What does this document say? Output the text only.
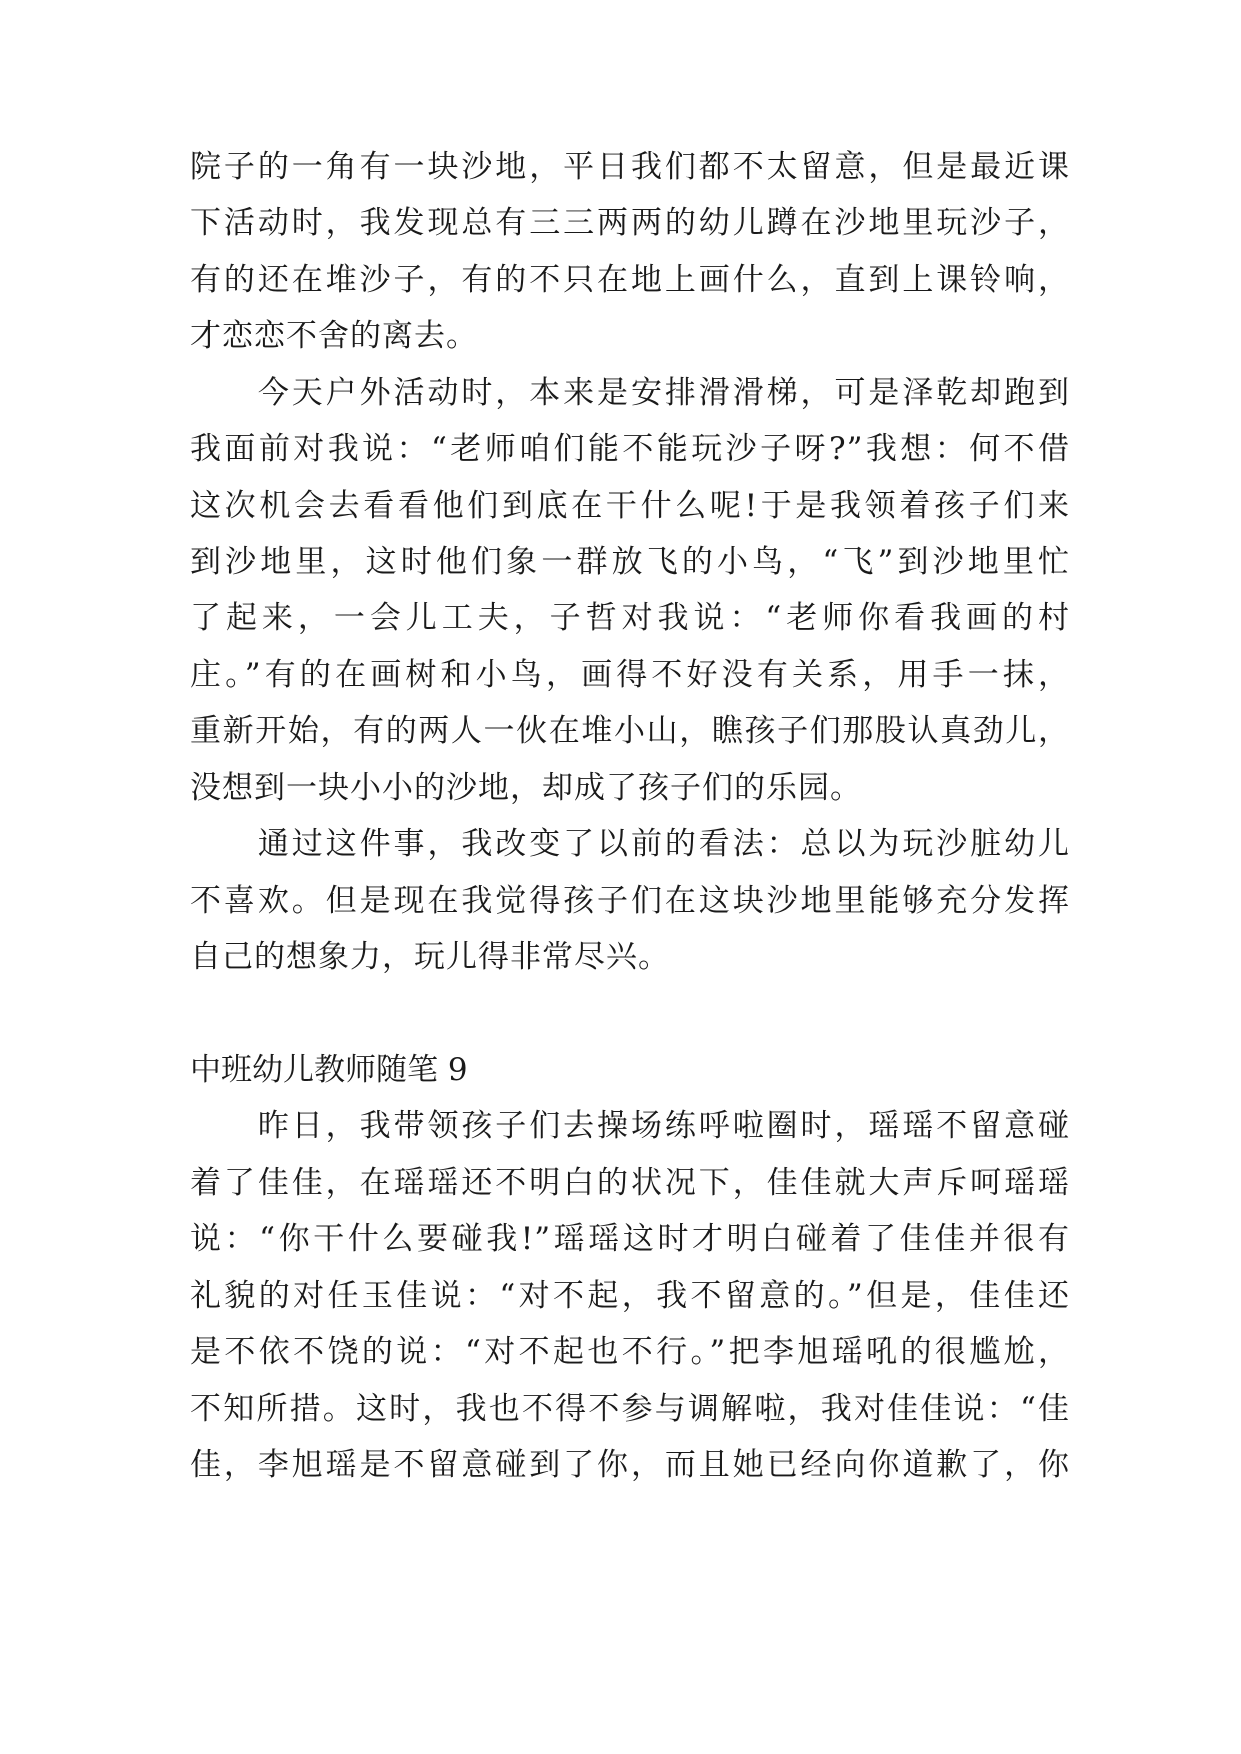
院子的一角有一块沙地，平日我们都不太留意，但是最近课
下活动时，我发现总有三三两两的幼儿蹲在沙地里玩沙子，
有的还在堆沙子，有的不只在地上画什么，直到上课铃响，
才恋恋不舍的离去。
　　今天户外活动时，本来是安排滑滑梯，可是泽乾却跑到
我面前对我说：“老师咱们能不能玩沙子呀?”我想：何不借
这次机会去看看他们到底在干什么呢!于是我领着孩子们来
到沙地里，这时他们象一群放飞的小鸟，“飞”到沙地里忙
了起来，一会儿工夫，子哲对我说：“老师你看我画的村
庄。”有的在画树和小鸟，画得不好没有关系，用手一抹，
重新开始，有的两人一伙在堆小山，瞧孩子们那股认真劲儿，
没想到一块小小的沙地，却成了孩子们的乐园。
　　通过这件事，我改变了以前的看法：总以为玩沙脏幼儿
不喜欢。但是现在我觉得孩子们在这块沙地里能够充分发挥
自己的想象力，玩儿得非常尽兴。
中班幼儿教师随笔 9
　　昨日，我带领孩子们去操场练呼啦圈时，瑶瑶不留意碰
着了佳佳，在瑶瑶还不明白的状况下，佳佳就大声斥呵瑶瑶
说：“你干什么要碰我!”瑶瑶这时才明白碰着了佳佳并很有
礼貌的对任玉佳说：“对不起，我不留意的。”但是，佳佳还
是不依不饶的说：“对不起也不行。”把李旭瑶吼的很尴尬，
不知所措。这时，我也不得不参与调解啦，我对佳佳说：“佳
佳，李旭瑶是不留意碰到了你，而且她已经向你道歉了，你
